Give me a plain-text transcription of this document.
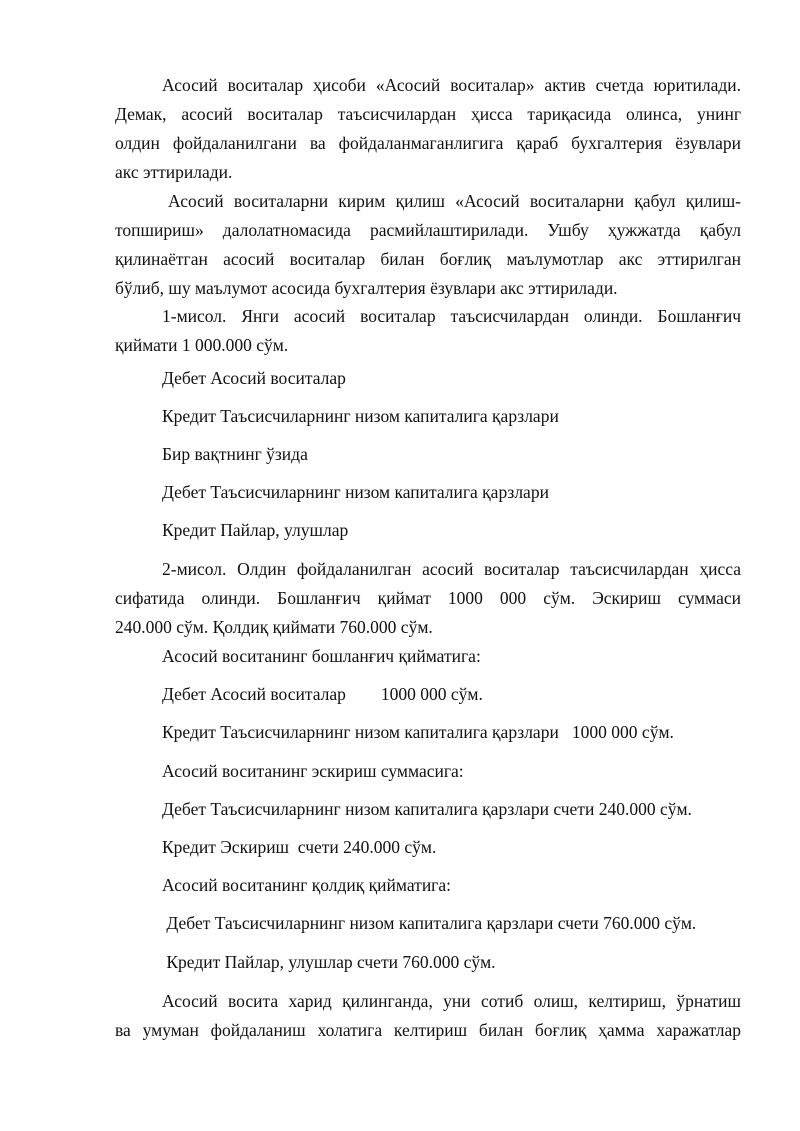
Асосий воситалар ҳисоби «Асосий воситалар» актив счетда юритилади.
Демак, асосий воситалар таъсисчилардан ҳисса тариқасида олинса, унинг
олдин фойдаланилгани ва фойдаланмаганлигига қараб бухгалтерия ёзувлари
акс эттирилади.
Асосий воситаларни кирим қилиш «Асосий воситаларни қабул қилиш-
топшириш» далолатномасида расмийлаштирилади. Ушбу ҳужжатда қабул
қилинаётган асосий воситалар билан боғлиқ маълумотлар акс эттирилган
бўлиб, шу маълумот асосида бухгалтерия ёзувлари акс эттирилади.
1-мисол. Янги асосий воситалар таъсисчилардан олинди. Бошланғич
қиймати 1 000.000 сўм.
Дебет Асосий воситалар
Кредит Таъсисчиларнинг низом капиталига қарзлари
Бир вақтнинг ўзида
Дебет Таъсисчиларнинг низом капиталига қарзлари
Кредит Пайлар, улушлар
2-мисол. Олдин фойдаланилган асосий воситалар таъсисчилардан ҳисса
сифатида олинди. Бошланғич қиймат 1000 000 сўм. Эскириш суммаси
240.000 сўм. Қолдиқ қиймати 760.000 сўм.
Асосий воситанинг бошланғич қийматига:
Дебет Асосий воситалар        1000 000 сўм.
Кредит Таъсисчиларнинг низом капиталига қарзлари   1000 000 сўм.
Асосий воситанинг эскириш суммасига:
Дебет Таъсисчиларнинг низом капиталига қарзлари счети 240.000 сўм.
Кредит Эскириш  счети 240.000 сўм.
Асосий воситанинг қолдиқ қийматига:
Дебет Таъсисчиларнинг низом капиталига қарзлари счети 760.000 сўм.
Кредит Пайлар, улушлар счети 760.000 сўм.
Асосий восита харид қилинганда, уни сотиб олиш, келтириш, ўрнатиш
ва умуман фойдаланиш холатига келтириш билан боғлиқ ҳамма харажатлар
